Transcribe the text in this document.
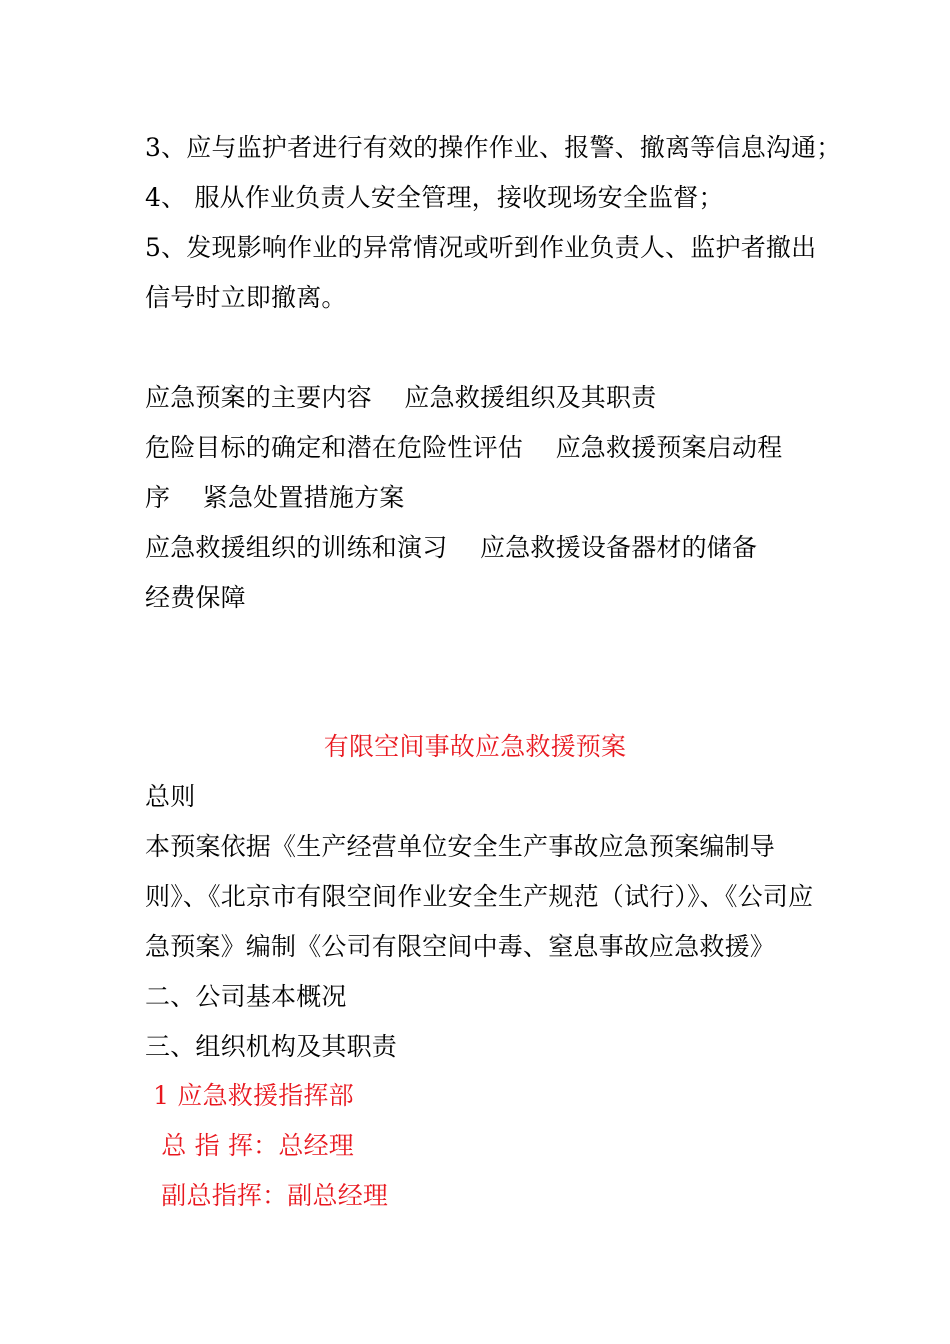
3、应与监护者进行有效的操作作业、报警、撤离等信息沟通；
4、 服从作业负责人安全管理，接收现场安全监督；
5、发现影响作业的异常情况或听到作业负责人、监护者撤出
信号时立即撤离。
应急预案的主要内容    应急救援组织及其职责
危险目标的确定和潜在危险性评估    应急救援预案启动程
序    紧急处置措施方案
应急救援组织的训练和演习    应急救援设备器材的储备
经费保障
有限空间事故应急救援预案
总则
本预案依据《生产经营单位安全生产事故应急预案编制导
则》、《北京市有限空间作业安全生产规范（试行）》、《公司应
急预案》编制《公司有限空间中毒、窒息事故应急救援》
二、公司基本概况
三、组织机构及其职责
1 应急救援指挥部
总 指 挥：总经理
副总指挥：副总经理
